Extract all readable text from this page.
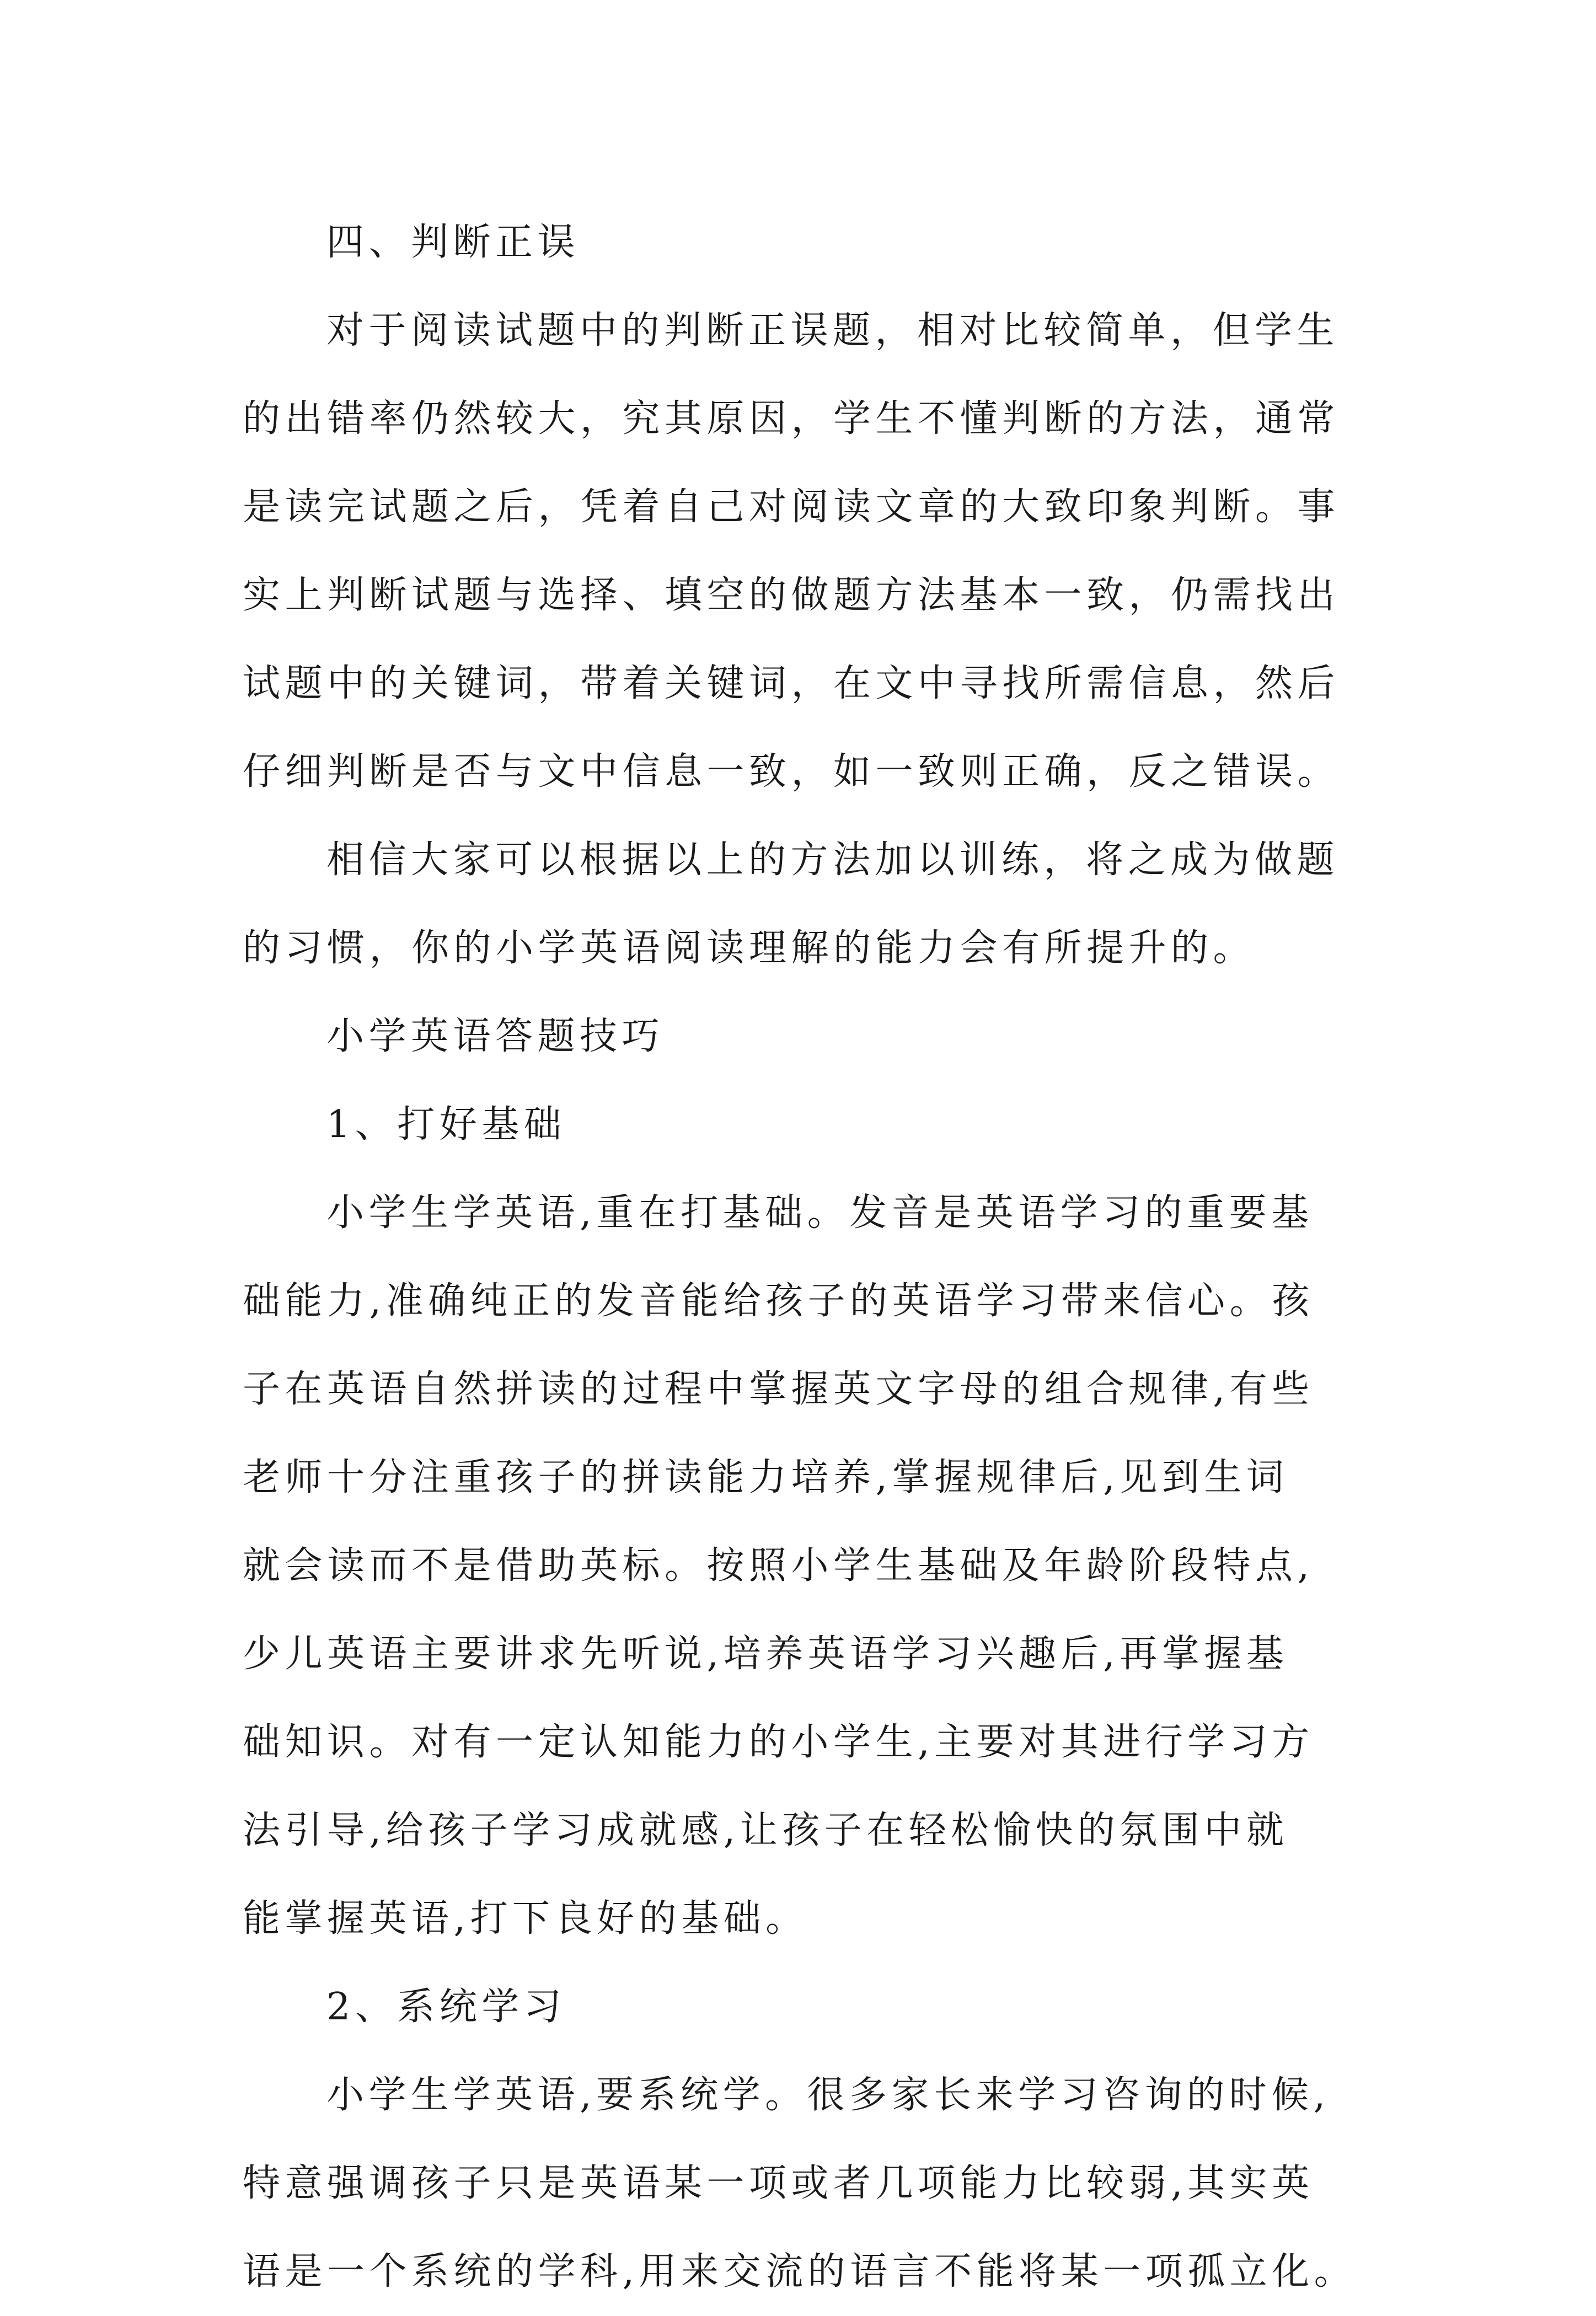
四、判断正误
对于阅读试题中的判断正误题，相对比较简单，但学生
的出错率仍然较大，究其原因，学生不懂判断的方法，通常
是读完试题之后，凭着自己对阅读文章的大致印象判断。事
实上判断试题与选择、填空的做题方法基本一致，仍需找出
试题中的关键词，带着关键词，在文中寻找所需信息，然后
仔细判断是否与文中信息一致，如一致则正确，反之错误。
相信大家可以根据以上的方法加以训练，将之成为做题
的习惯，你的小学英语阅读理解的能力会有所提升的。
小学英语答题技巧
1、打好基础
小学生学英语,重在打基础。发音是英语学习的重要基
础能力,准确纯正的发音能给孩子的英语学习带来信心。孩
子在英语自然拼读的过程中掌握英文字母的组合规律,有些
老师十分注重孩子的拼读能力培养,掌握规律后,见到生词
就会读而不是借助英标。按照小学生基础及年龄阶段特点,
少儿英语主要讲求先听说,培养英语学习兴趣后,再掌握基
础知识。对有一定认知能力的小学生,主要对其进行学习方
法引导,给孩子学习成就感,让孩子在轻松愉快的氛围中就
能掌握英语,打下良好的基础。
2、系统学习
小学生学英语,要系统学。很多家长来学习咨询的时候,
特意强调孩子只是英语某一项或者几项能力比较弱,其实英
语是一个系统的学科,用来交流的语言不能将某一项孤立化。
